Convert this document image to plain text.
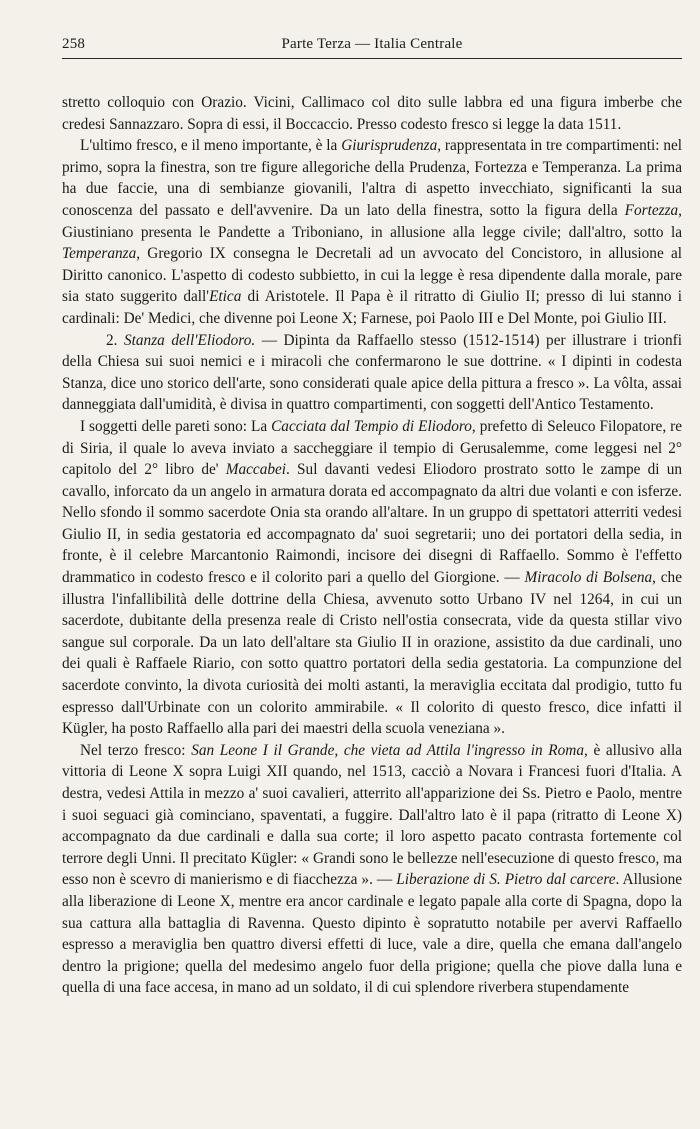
258	Parte Terza — Italia Centrale

stretto colloquio con Orazio. Vicini, Callimaco col dito sulle labbra ed una figura imberbe che credesi Sannazzaro. Sopra di essi, il Boccaccio. Presso codesto fresco si legge la data 1511.

L'ultimo fresco, e il meno importante, è la Giurisprudenza, rappresentata in tre compartimenti: nel primo, sopra la finestra, son tre figure allegoriche della Prudenza, Fortezza e Temperanza. La prima ha due faccie, una di sembianze giovanili, l'altra di aspetto invecchiato, significanti la sua conoscenza del passato e dell'avvenire. Da un lato della finestra, sotto la figura della Fortezza, Giustiniano presenta le Pandette a Triboniano, in allusione alla legge civile; dall'altro, sotto la Temperanza, Gregorio IX consegna le Decretali ad un avvocato del Concistoro, in allusione al Diritto canonico. L'aspetto di codesto subbietto, in cui la legge è resa dipendente dalla morale, pare sia stato suggerito dall'Etica di Aristotele. Il Papa è il ritratto di Giulio II; presso di lui stanno i cardinali: De' Medici, che divenne poi Leone X; Farnese, poi Paolo III e Del Monte, poi Giulio III.

2. Stanza dell'Eliodoro. — Dipinta da Raffaello stesso (1512-1514) per illustrare i trionfi della Chiesa sui suoi nemici e i miracoli che confermarono le sue dottrine. « I dipinti in codesta Stanza, dice uno storico dell'arte, sono considerati quale apice della pittura a fresco ». La vôlta, assai danneggiata dall'umidità, è divisa in quattro compartimenti, con soggetti dell'Antico Testamento.

I soggetti delle pareti sono: La Cacciata dal Tempio di Eliodoro, prefetto di Seleuco Filopatore, re di Siria, il quale lo aveva inviato a saccheggiare il tempio di Gerusalemme, come leggesi nel 2° capitolo del 2° libro de' Maccabei. Sul davanti vedesi Eliodoro prostrato sotto le zampe di un cavallo, inforcato da un angelo in armatura dorata ed accompagnato da altri due volanti e con isferze. Nello sfondo il sommo sacerdote Onia sta orando all'altare. In un gruppo di spettatori atterriti vedesi Giulio II, in sedia gestatoria ed accompagnato da' suoi segretarii; uno dei portatori della sedia, in fronte, è il celebre Marcantonio Raimondi, incisore dei disegni di Raffaello. Sommo è l'effetto drammatico in codesto fresco e il colorito pari a quello del Giorgione. — Miracolo di Bolsena, che illustra l'infallibilità delle dottrine della Chiesa, avvenuto sotto Urbano IV nel 1264, in cui un sacerdote, dubitante della presenza reale di Cristo nell'ostia consecrata, vide da questa stillar vivo sangue sul corporale. Da un lato dell'altare sta Giulio II in orazione, assistito da due cardinali, uno dei quali è Raffaele Riario, con sotto quattro portatori della sedia gestatoria. La compunzione del sacerdote convinto, la divota curiosità dei molti astanti, la meraviglia eccitata dal prodigio, tutto fu espresso dall'Urbinate con un colorito ammirabile. « Il colorito di questo fresco, dice infatti il Kügler, ha posto Raffaello alla pari dei maestri della scuola veneziana ».

Nel terzo fresco: San Leone I il Grande, che vieta ad Attila l'ingresso in Roma, è allusivo alla vittoria di Leone X sopra Luigi XII quando, nel 1513, cacciò a Novara i Francesi fuori d'Italia. A destra, vedesi Attila in mezzo a' suoi cavalieri, atterrito all'apparizione dei Ss. Pietro e Paolo, mentre i suoi seguaci già cominciano, spaventati, a fuggire. Dall'altro lato è il papa (ritratto di Leone X) accompagnato da due cardinali e dalla sua corte; il loro aspetto pacato contrasta fortemente col terrore degli Unni. Il precitato Kügler: « Grandi sono le bellezze nell'esecuzione di questo fresco, ma esso non è scevro di manierismo e di fiacchezza ». — Liberazione di S. Pietro dal carcere. Allusione alla liberazione di Leone X, mentre era ancor cardinale e legato papale alla corte di Spagna, dopo la sua cattura alla battaglia di Ravenna. Questo dipinto è sopratutto notabile per avervi Raffaello espresso a meraviglia ben quattro diversi effetti di luce, vale a dire, quella che emana dall'angelo dentro la prigione; quella del medesimo angelo fuor della prigione; quella che piove dalla luna e quella di una face accesa, in mano ad un soldato, il di cui splendore riverbera stupendamente
